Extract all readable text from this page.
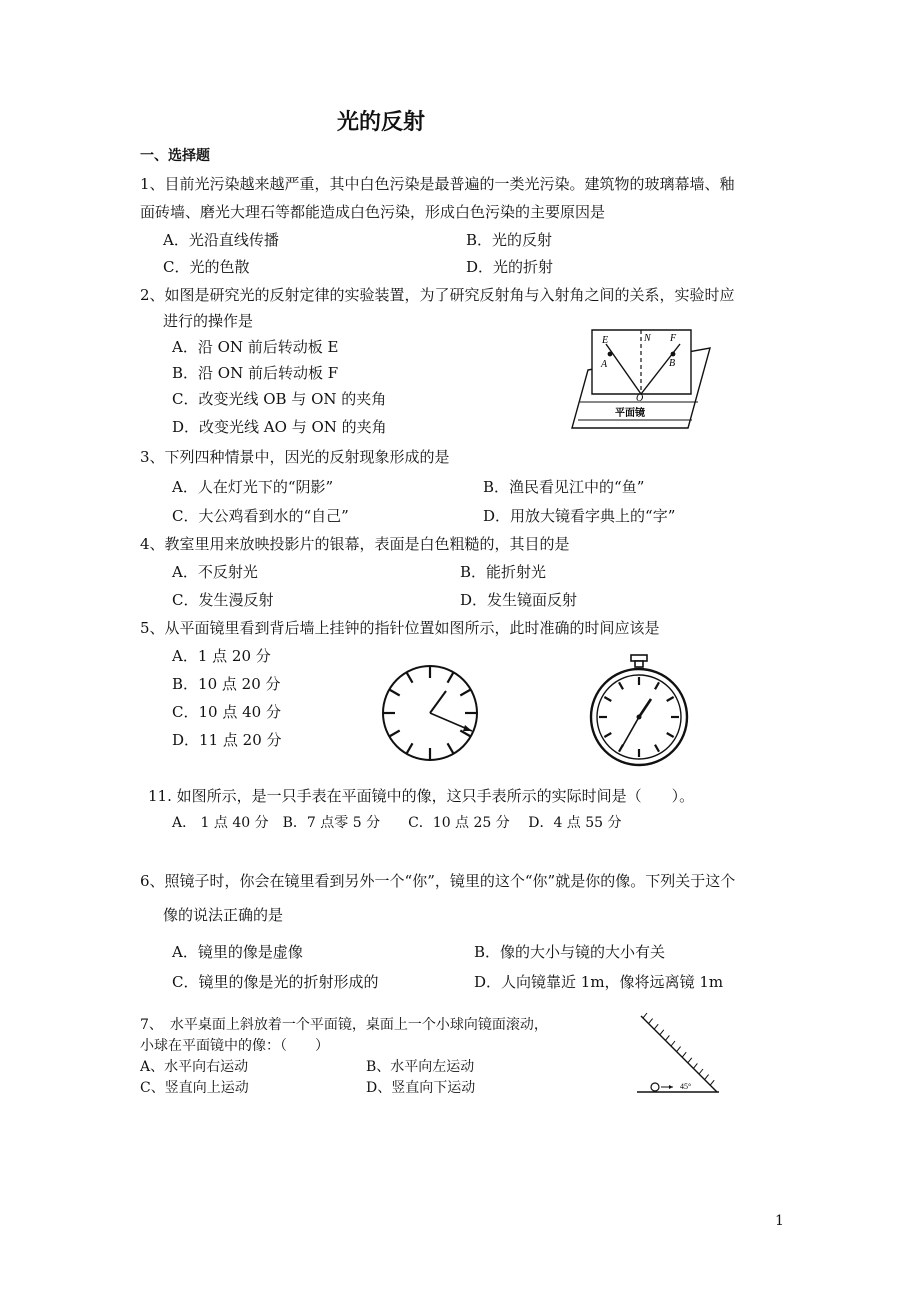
光的反射
一、选择题
1、目前光污染越来越严重，其中白色污染是最普遍的一类光污染。建筑物的玻璃幕墙、釉
面砖墙、磨光大理石等都能造成白色污染，形成白色污染的主要原因是
A．光沿直线传播	B．光的反射
C．光的色散	D．光的折射
2、如图是研究光的反射定律的实验装置，为了研究反射角与入射角之间的关系，实验时应
进行的操作是
A．沿 ON 前后转动板 E
B．沿 ON 前后转动板 F
C．改变光线 OB 与 ON 的夹角
D．改变光线 AO 与 ON 的夹角
E	N F
A	B
O
平面镜
3、下列四种情景中，因光的反射现象形成的是
A．人在灯光下的“阴影”	B．渔民看见江中的“鱼”
C．大公鸡看到水的“自己”	D．用放大镜看字典上的“字”
4、教室里用来放映投影片的银幕，表面是白色粗糙的，其目的是
A．不反射光	B．能折射光
C．发生漫反射	D．发生镜面反射
5、从平面镜里看到背后墙上挂钟的指针位置如图所示，此时准确的时间应该是
A．1 点 20 分
B．10 点 20 分
C．10 点 40 分
D．11 点 20 分
11. 如图所示，是一只手表在平面镜中的像，这只手表所示的实际时间是（　　）。
A． 1 点 40 分　B．7 点零 5 分　　C．10 点 25 分　 D．4 点 55 分
6、照镜子时，你会在镜里看到另外一个“你”，镜里的这个“你”就是你的像。下列关于这个
像的说法正确的是
A．镜里的像是虚像	B．像的大小与镜的大小有关
C．镜里的像是光的折射形成的	D．人向镜靠近 1m，像将远离镜 1m
7、　水平桌面上斜放着一个平面镜，桌面上一个小球向镜面滚动，
小球在平面镜中的像：（　　）
A、水平向右运动	B、水平向左运动
C、竖直向上运动	D、竖直向下运动	45°
1
